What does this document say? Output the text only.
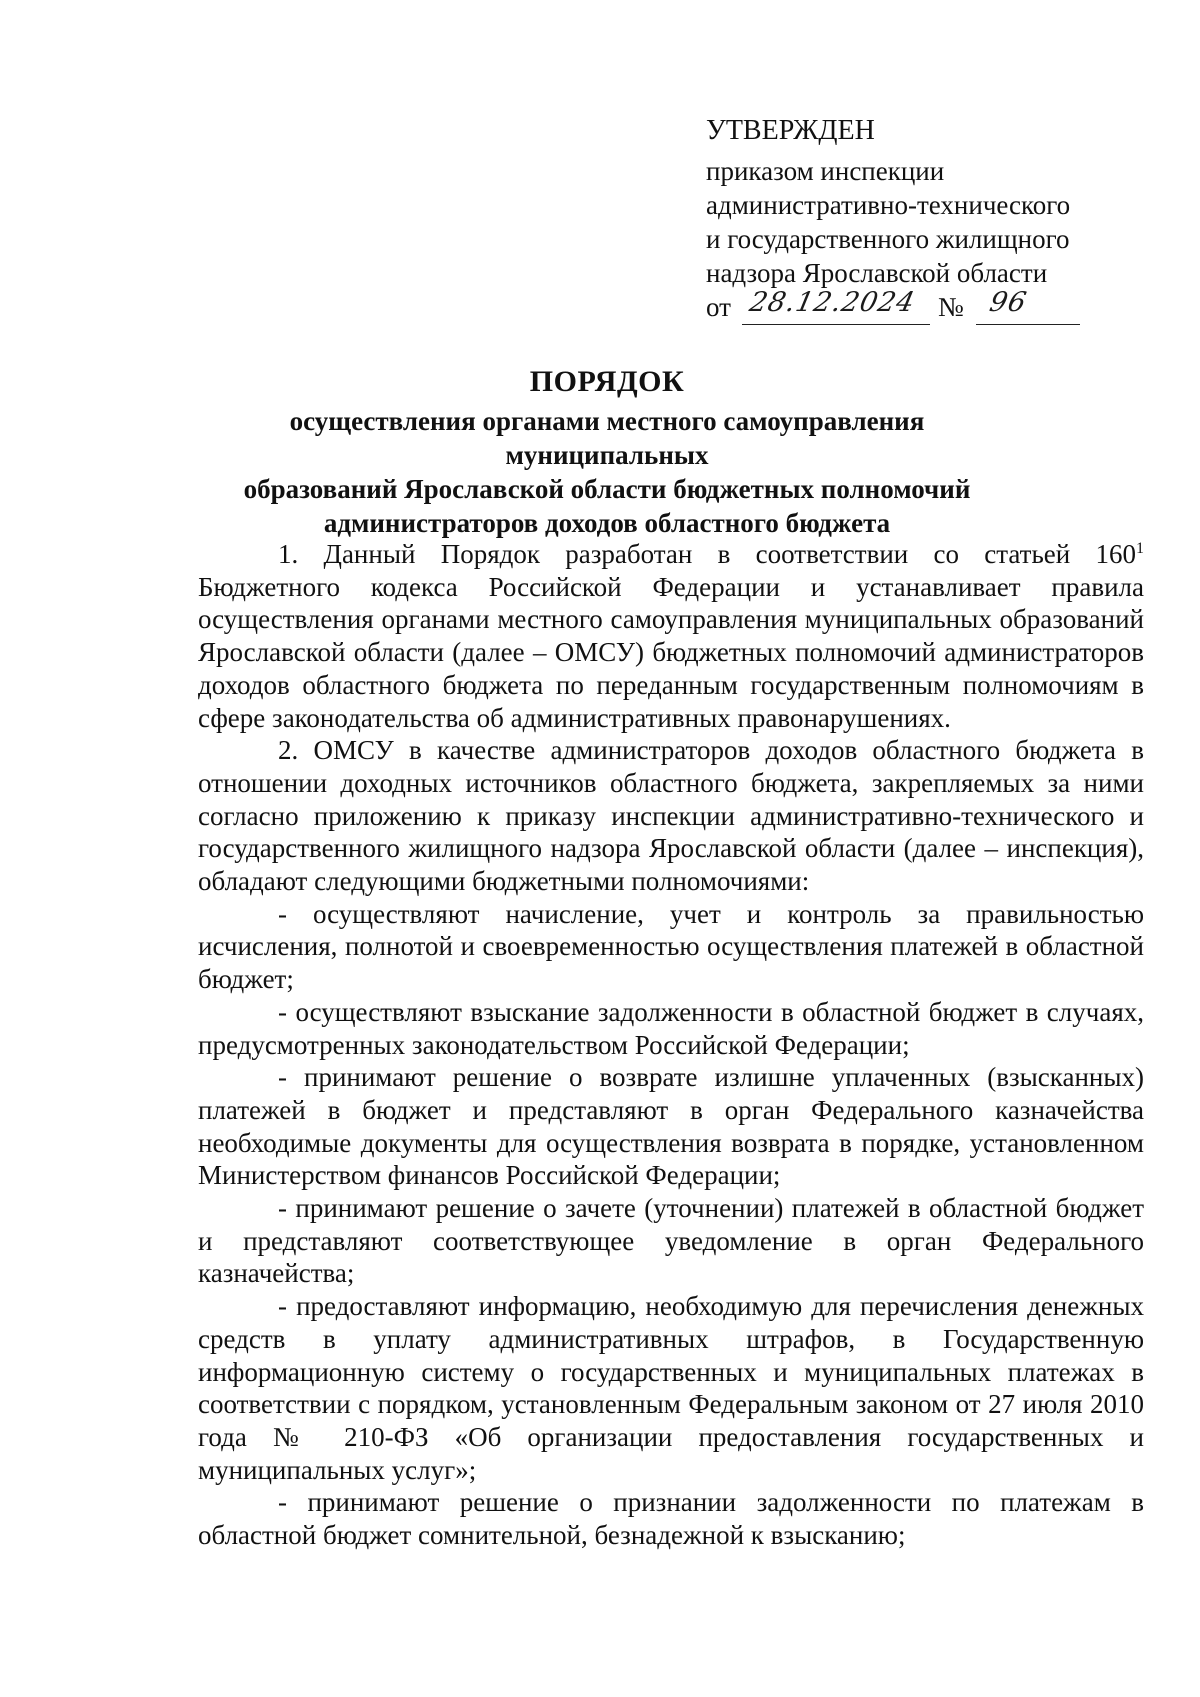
УТВЕРЖДЕН
приказом инспекции
административно-технического
и государственного жилищного
надзора Ярославской области
от 28.12.2024 № 96
ПОРЯДОК
осуществления органами местного самоуправления муниципальных
образований Ярославской области бюджетных полномочий
администраторов доходов областного бюджета

1. Данный Порядок разработан в соответствии со статьей $160^1$ Бюджетного кодекса Российской Федерации и устанавливает правила осуществления органами местного самоуправления муниципальных образований Ярославской области (далее – ОМСУ) бюджетных полномочий администраторов доходов областного бюджета по переданным государственным полномочиям в сфере законодательства об административных правонарушениях.

2. ОМСУ в качестве администраторов доходов областного бюджета в отношении доходных источников областного бюджета, закрепляемых за ними согласно приложению к приказу инспекции административно-технического и государственного жилищного надзора Ярославской области (далее – инспекция), обладают следующими бюджетными полномочиями:

- осуществляют начисление, учет и контроль за правильностью исчисления, полнотой и своевременностью осуществления платежей в областной бюджет;

- осуществляют взыскание задолженности в областной бюджет в случаях, предусмотренных законодательством Российской Федерации;

- принимают решение о возврате излишне уплаченных (взысканных) платежей в бюджет и представляют в орган Федерального казначейства необходимые документы для осуществления возврата в порядке, установленном Министерством финансов Российской Федерации;

- принимают решение о зачете (уточнении) платежей в областной бюджет и представляют соответствующее уведомление в орган Федерального казначейства;

- предоставляют информацию, необходимую для перечисления денежных средств в уплату административных штрафов, в Государственную информационную систему о государственных и муниципальных платежах в соответствии с порядком, установленным Федеральным законом от 27 июля 2010 года № 210-ФЗ «Об организации предоставления государственных и муниципальных услуг»;

- принимают решение о признании задолженности по платежам в областной бюджет сомнительной, безнадежной к взысканию;
